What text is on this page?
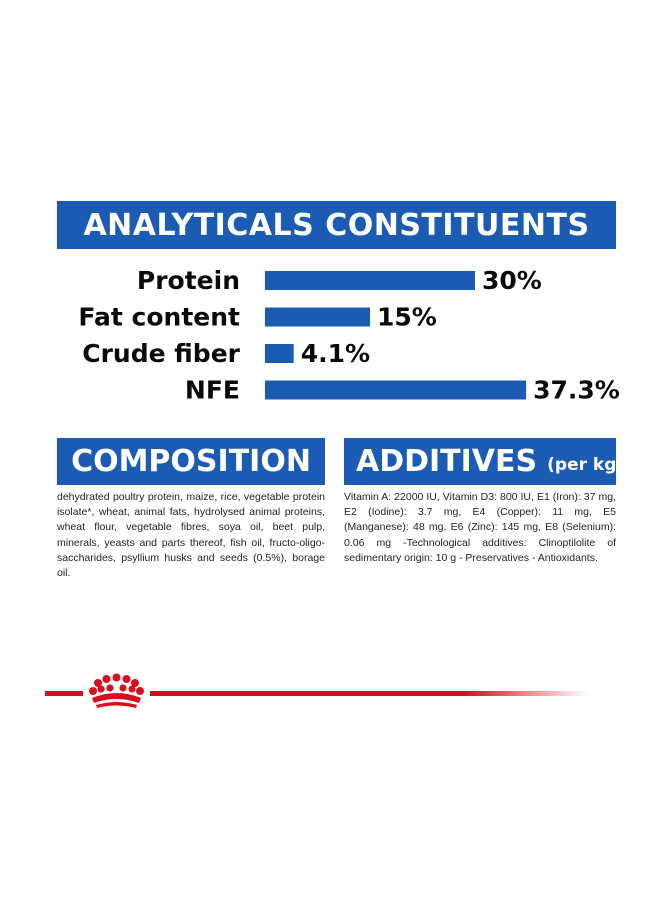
ANALYTICALS CONSTITUENTS
Protein	30%
Fat content	15%
Crude fiber 4.1%
NFE	37.3%
COMPOSITION ADDITIVES (per kg)

dehydrated poultry protein, maize, rice, vegetable protein isolate*, wheat, animal fats, hydrolysed animal proteins, wheat flour, vegetable fibres, soya oil, beet pulp, minerals, yeasts and parts thereof, fish oil, fructo-oligo-saccharides, psyllium husks and seeds (0.5%), borage oil.

Vitamin A: 22000 IU, Vitamin D3: 800 IU, E1 (Iron): 37 mg, E2 (Iodine): 3.7 mg, E4 (Copper): 11 mg, E5 (Manganese): 48 mg, E6 (Zinc): 145 mg, E8 (Selenium): 0.06 mg -Technological additives: Clinoptilolite of sedimentary origin: 10 g - Preservatives - Antioxidants.
